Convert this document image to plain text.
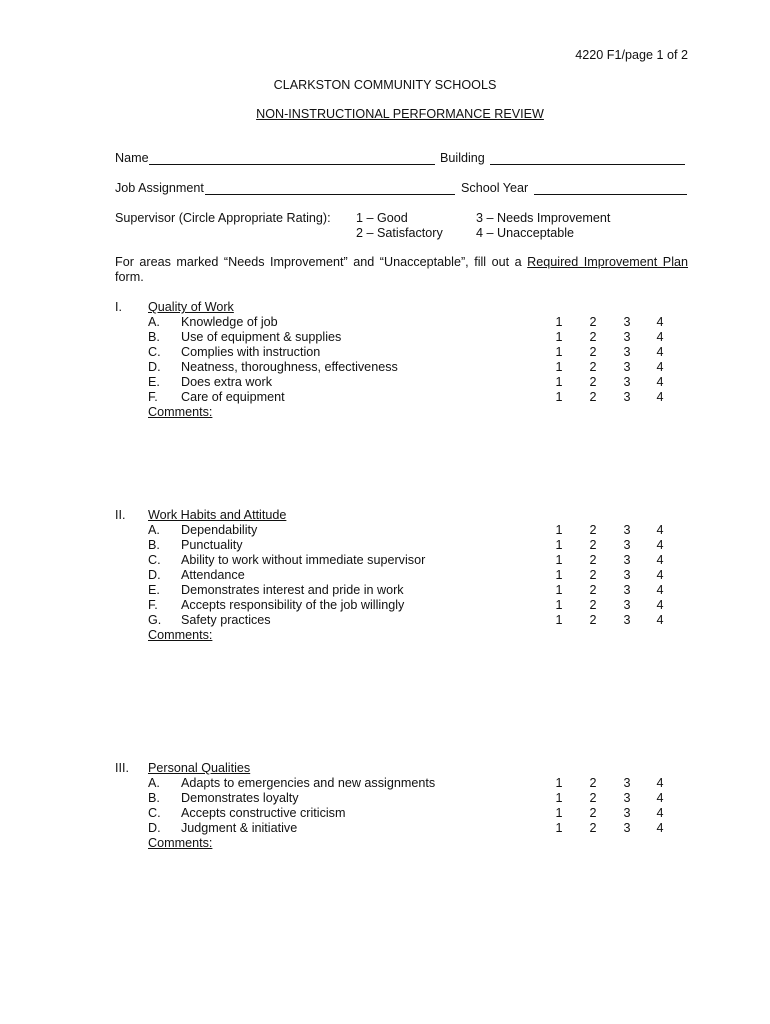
4220 F1/page 1 of 2
CLARKSTON COMMUNITY SCHOOLS
NON-INSTRUCTIONAL PERFORMANCE REVIEW
Name	Building
Job Assignment	School Year
Supervisor (Circle Appropriate Rating): 1 – Good
2 – Satisfactory
3 – Needs Improvement
4 – Unacceptable
For areas marked “Needs Improvement” and “Unacceptable”, fill out a Required Improvement Plan
form.
I. Quality of Work
A. Knowledge of job	1 2 3 4
B. Use of equipment & supplies	1 2 3 4
C. Complies with instruction	1 2 3 4
D. Neatness, thoroughness, effectiveness	1 2 3 4
E. Does extra work	1 2 3 4
F. Care of equipment	1 2 3 4
Comments:
II. Work Habits and Attitude
A. Dependability	1 2 3 4
B. Punctuality	1 2 3 4
C. Ability to work without immediate supervisor	1 2 3 4
D. Attendance	1 2 3 4
E. Demonstrates interest and pride in work	1 2 3 4
F. Accepts responsibility of the job willingly	1 2 3 4
G. Safety practices	1 2 3 4
Comments:
III. Personal Qualities
A. Adapts to emergencies and new assignments	1 2 3 4
B. Demonstrates loyalty	1 2 3 4
C. Accepts constructive criticism	1 2 3 4
D. Judgment & initiative	1 2 3 4
Comments:
